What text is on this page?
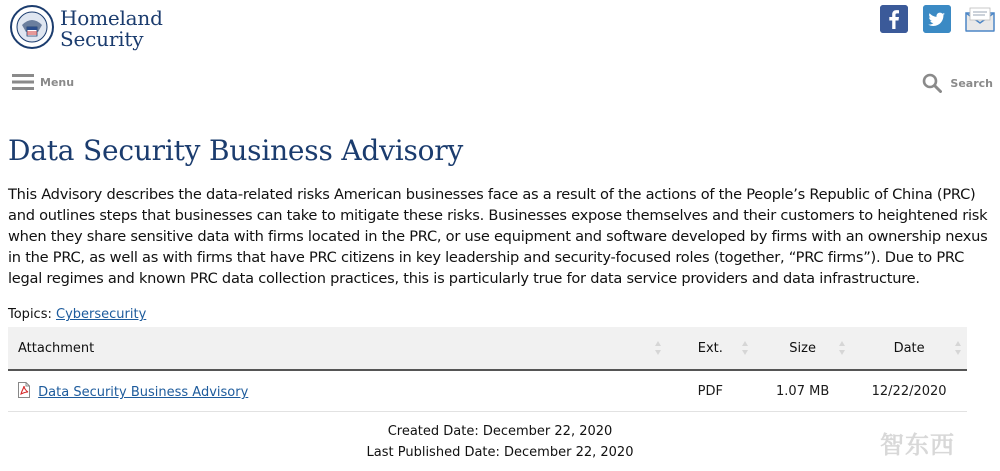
Homeland
Security
Menu	Search
Data Security Business Advisory

This Advisory describes the data-related risks American businesses face as a result of the actions of the People’s Republic of China (PRC) and outlines steps that businesses can take to mitigate these risks. Businesses expose themselves and their customers to heightened risk when they share sensitive data with firms located in the PRC, or use equipment and software developed by firms with an ownership nexus in the PRC, as well as with firms that have PRC citizens in key leadership and security-focused roles (together, “PRC firms”). Due to PRC legal regimes and known PRC data collection practices, this is particularly true for data service providers and data infrastructure.

Topics: Cybersecurity
Attachment	Ext.	Size	Date

Data Security Business Advisory	PDF	1.07 MB	12/22/2020
Created Date: December 22, 2020
Last Published Date: December 22, 2020	智东西
